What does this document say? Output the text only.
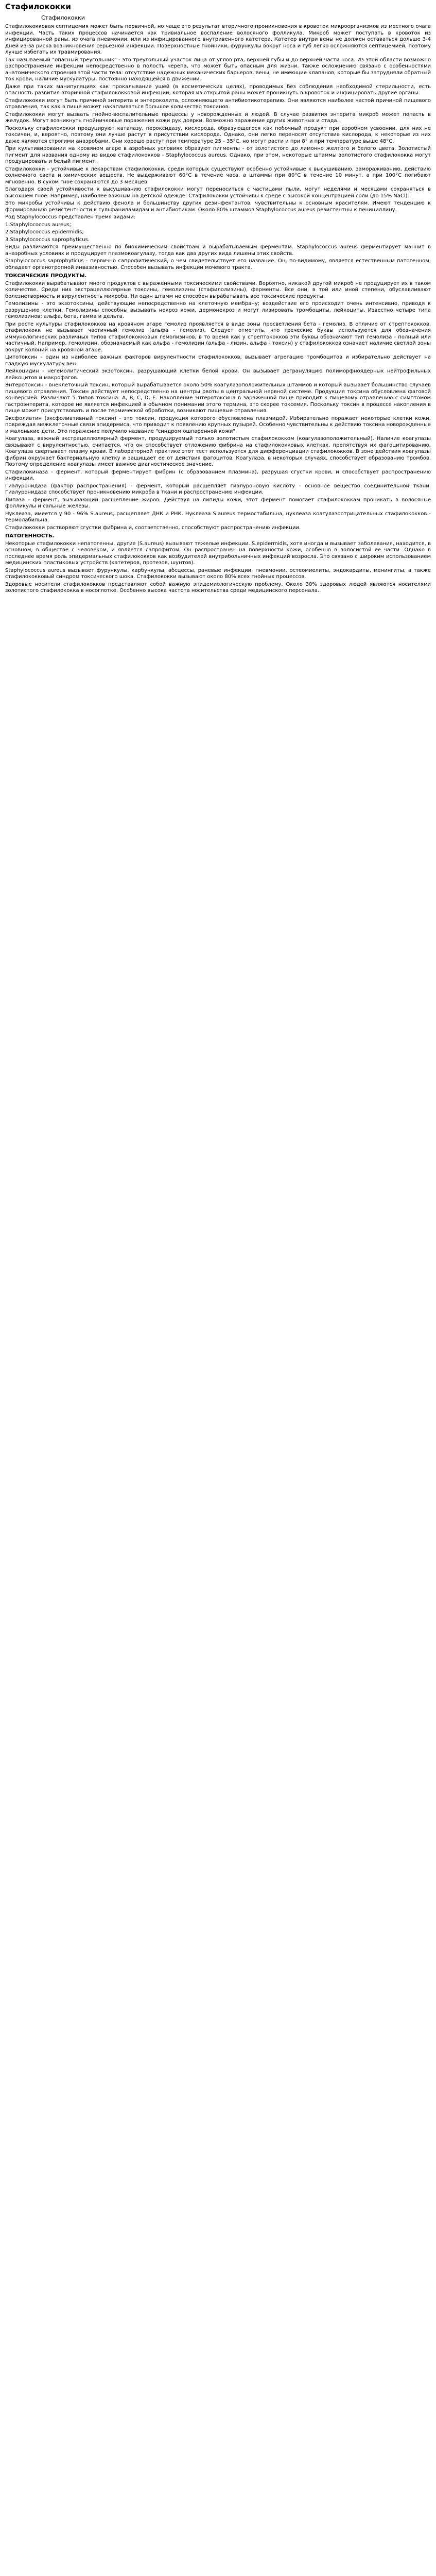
Стафилококки
Стафилококки

Стафилококковая септицемия может быть первичной, но чаще это результат вторичного проникновения в кровоток микроорганизмов из местного очага инфекции. Часть таких процессов начинается как тривиальное воспаление волосяного фолликула. Микроб может поступать в кровоток из инфицированной раны, из очага пневмонии, или из инфицированного внутривенного катетера. Катетер внутри вены не должен оставаться дольше 3-4 дней из-за риска возникновения серьезной инфекции. Поверхностные гнойники, фурункулы вокруг носа и губ легко осложняются септицемией, поэтому лучше избегать их травмирования.

Так называемый "опасный треугольник" - это треугольный участок лица от углов рта, верхней губы и до верхней части носа. Из этой области возможно распространение инфекции непосредственно в полость черепа, что может быть опасным для жизни. Также осложнению связано с особенностями анатомического строения этой части тела: отсутствие надежных механических барьеров, вены, не имеющие клапанов, которые бы затрудняли обратный ток крови, наличие мускулатуры, постоянно находящейся в движении.

Даже при таких манипуляциях как прокалывание ушей (в косметических целях), проводимых без соблюдения необходимой стерильности, есть опасность развития вторичной стафилококковой инфекции, которая из открытой раны может проникнуть в кровоток и инфицировать другие органы.

Стафилококки могут быть причиной энтерита и энтероколита, осложняющего антибиотикотерапию. Они являются наиболее частой причиной пищевого отравления, так как в пище может накапливаться большое количество токсинов.

Стафилококки могут вызвать гнойно-воспалительные процессы у новорожденных и людей. В случае развития энтерита микроб может попасть в желудок. Могут возникнуть гнойничковые поражения кожи рук доярки. Возможно заражение других животных и стада.

Поскольку стафилококки продуцируют каталазу, пероксидазу, кислорода, образующегося как побочный продукт при аэробном усвоении, для них не токсичен, и, вероятно, поэтому они лучше растут в присутствии кислорода. Однако, они легко переносят отсутствие кислорода, к некоторые из них даже являются строгими анаэробами. Они хорошо растут при температуре 25 - 35°С, но могут расти и при 8° и при температуре выше 48°С.

При культивировании на кровяном агаре в аэробных условиях образуют пигменты - от золотистого до лимонно желтого и белого цвета. Золотистый пигмент для названия одному из видов стафилококков - Staphylococcus aureus. Однако, при этом, некоторые штаммы золотистого стафилококка могут продуцировать и белый пигмент.

Стафилококки - устойчивые к лекарствам стафилококки, среди которых существуют особенно устойчивые к высушиванию, замораживанию, действию солнечного света и химических веществ. Не выдерживают 60°С в течение часа, а штаммы при 80°С в течение 10 минут, а при 100°С погибают мгновенно. В сухом гное сохраняются до 3 месяцев.

Благодаря своей устойчивости к высушиванию стафилококки могут переноситься с частицами пыли, могут неделями и месяцами сохраняться в высохшем гное. Например, наиболее важным на детской одежде. Стафилококки устойчивы к среде с высокой концентрацией соли (до 15% NaCl).

Это микробы устойчивы к действию фенола и большинству других дезинфектантов, чувствительны к основным красителям. Имеют тенденцию к формированию резистентности к сульфаниламидам и антибиотикам. Около 80% штаммов Staphylococcus aureus резистентны к пенициллину.

Род Staphylococcus представлен тремя видами:

1.Staphylococcus aureus;

2.Staphylococcus epidermidis;

3.Staphylococcus saprophyticus.

Виды различаются преимущественно по биохимическим свойствам и вырабатываемым ферментам. Staphylococcus aureus ферментирует маннит в анаэробных условиях и продуцирует плазмокоагулазу, тогда как два других вида лишены этих свойств.

Staphylococcus saprophyticus - первично сапрофитический, о чем свидетельствует его название. Он, по-видимому, является естественным патогенном, обладает органотропной инвазивностью. Способен вызывать инфекции мочевого тракта.

ТОКСИЧЕСКИЕ ПРОДУКТЫ.

Стафилококки вырабатывают много продуктов с выраженными токсическими свойствами. Вероятно, никакой другой микроб не продуцирует их в таком количестве. Среди них экстрацеллюлярные токсины, гемолизины (стафилолизины), ферменты. Все они, в той или иной степени, обуславливают болезнетворность и вирулентность микроба. Ни один штамм не способен вырабатывать все токсические продукты.

Гемолизины - это экзотоксины, действующие непосредственно на клеточную мембрану; воздействие его происходит очень интенсивно, приводя к разрушению клетки. Гемолизины способны вызывать некроз кожи, дермонекроз и могут лизировать тромбоциты, лейкоциты. Известно четыре типа гемолизинов: альфа, бета, гамма и дельта.

При росте культуры стафилококков на кровяном агаре гемолиз проявляется в виде зоны просветления бета - гемолиз. В отличие от стрептококков, стафилококк не вызывает частичный гемолиз (альфа - гемолиз). Следует отметить, что греческие буквы используются для обозначения иммунологических различных типов стафилококковых гемолизинов, в то время как у стрептококков эти буквы обозначают тип гемолиза - полный или частичный. Например, гемолизин, обозначаемый как альфа - гемолизин (альфа - лизин, альфа - токсин) у стафилококков означает наличие светлой зоны вокруг колоний на кровяном агаре.

Цитотоксин - один из наиболее важных факторов вирулентности стафилококков, вызывает агрегацию тромбоцитов и избирательно действует на гладкую мускулатуру вен.

Лейкоцидин - негемолитический экзотоксин, разрушающий клетки белой крови. Он вызывает дегрануляцию полиморфноядерных нейтрофильных лейкоцитов и макрофагов.

Энтеротоксин - внеклеточный токсин, который вырабатывается около 50% коагулазоположительных штаммов и который вызывает большинство случаев пищевого отравления. Токсин действует непосредственно на центры рвоты в центральной нервной системе. Продукция токсина обусловлена фаговой конверсией. Различают 5 типов токсина: A, B, C, D, E. Накопление энтеротоксина в зараженной пище приводит к пищевому отравлению с симптомом гастроэнтерита, которое не является инфекцией в обычном понимании этого термина, это скорее токсемия. Поскольку токсин в процессе накопления в пище может присутствовать и после термической обработки, возникают пищевые отравления.

Эксфолиатин (эксфолиативный токсин) - это токсин, продукция которого обусловлена плазмидой. Избирательно поражает некоторые клетки кожи, повреждая межклеточные связи эпидермиса, что приводит к появлению крупных пузырей. Особенно чувствительны к действию токсина новорожденные и маленькие дети. Это поражение получило название "синдром ошпаренной кожи".

Коагулаза, важный экстрацеллюлярный фермент, продуцируемый только золотистым стафилококком (коагулазоположительный). Наличие коагулазы связывают с вирулентностью, считается, что он способствует отложению фибрина на стафилококковых клетках, препятствуя их фагоцитированию. Коагулаза свертывает плазму крови. В лабораторной практике этот тест используется для дифференциации стафилококков. В зоне действия коагулазы фибрин окружает бактериальную клетку и защищает ее от действия фагоцитов. Коагулаза, в некоторых случаях, способствует образованию тромбов. Поэтому определение коагулазы имеет важное диагностическое значение.

Стафилокиназа - фермент, который ферментирует фибрин (с образованием плазмина), разрушая сгустки крови, и способствует распространению инфекции.

Гиалуронидаза (фактор распространения) - фермент, который расщепляет гиалуроновую кислоту - основное вещество соединительной ткани. Гиалуронидаза способствует проникновению микроба в ткани и распространению инфекции.

Липаза - фермент, вызывающий расщепление жиров. Действуя на липиды кожи, этот фермент помогает стафилококкам проникать в волосяные фолликулы и сальные железы.

Нуклеаза, имеется у 90 - 96% S.aureus, расщепляет ДНК и РНК. Нуклеаза S.aureus термостабильна, нуклеаза коагулазоотрицательных стафилококков - термолабильна.

Стафилококки растворяют сгустки фибрина и, соответственно, способствуют распространению инфекции.

ПАТОГЕННОСТЬ.

Некоторые стафилококки непатогенны, другие (S.aureus) вызывают тяжелые инфекции. S.epidermidis, хотя иногда и вызывает заболевания, находится, в основном, в обществе с человеком, и является сапрофитом. Он распространен на поверхности кожи, особенно в волосистой ее части. Однако в последнее время роль эпидермальных стафилококков как возбудителей внутрибольничных инфекций возросла. Это связано с широким использованием медицинских пластиковых устройств (катетеров, протезов, шунтов).

Staphylococcus aureus вызывает фурункулы, карбункулы, абсцессы, раневые инфекции, пневмонии, остеомиелиты, эндокардиты, менингиты, а также стафилококковый синдром токсического шока. Стафилококки вызывают около 80% всех гнойных процессов.

Здоровые носители стафилококков представляют собой важную эпидемиологическую проблему. Около 30% здоровых людей являются носителями золотистого стафилококка в носоглотке. Особенно высока частота носительства среди медицинского персонала.
